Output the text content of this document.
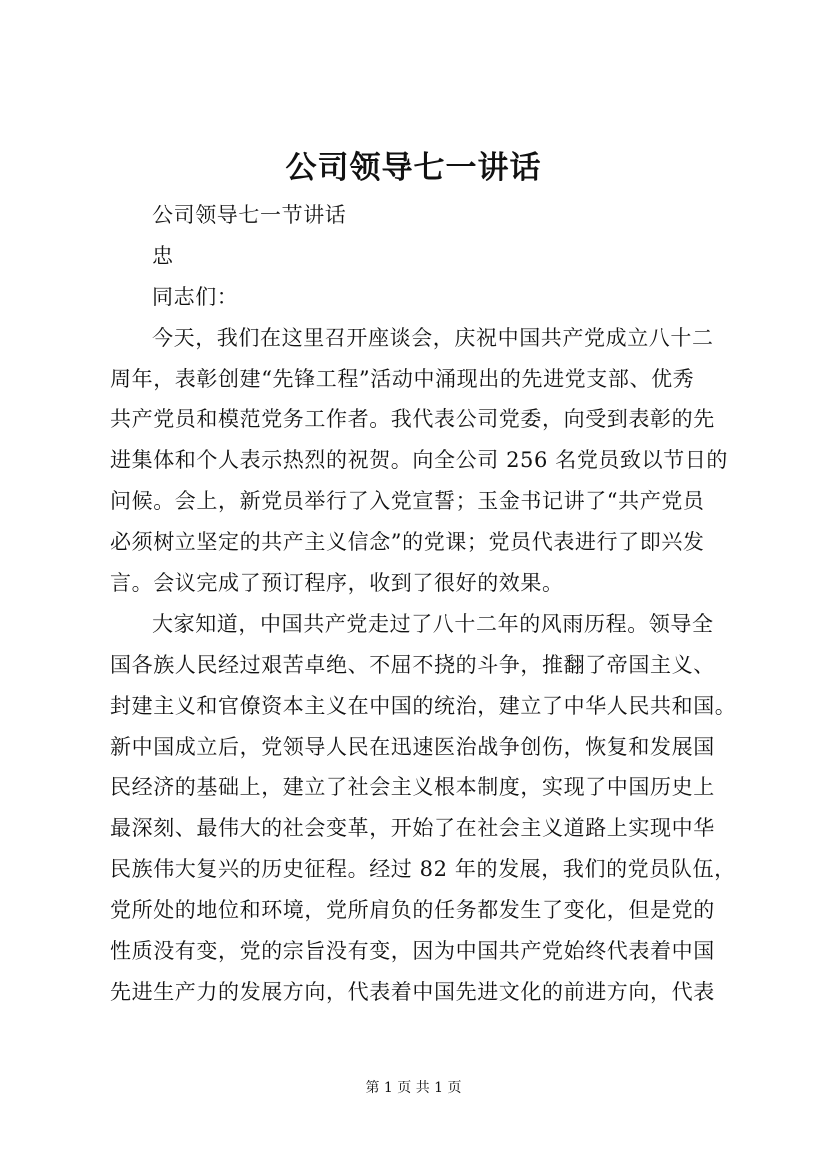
公司领导七一讲话
公司领导七一节讲话
忠
同志们：
今天，我们在这里召开座谈会，庆祝中国共产党成立八十二
周年，表彰创建“先锋工程”活动中涌现出的先进党支部、优秀
共产党员和模范党务工作者。我代表公司党委，向受到表彰的先
进集体和个人表示热烈的祝贺。向全公司 256 名党员致以节日的
问候。会上，新党员举行了入党宣誓；玉金书记讲了“共产党员
必须树立坚定的共产主义信念”的党课；党员代表进行了即兴发
言。会议完成了预订程序，收到了很好的效果。
大家知道，中国共产党走过了八十二年的风雨历程。领导全
国各族人民经过艰苦卓绝、不屈不挠的斗争，推翻了帝国主义、
封建主义和官僚资本主义在中国的统治，建立了中华人民共和国。
新中国成立后，党领导人民在迅速医治战争创伤，恢复和发展国
民经济的基础上，建立了社会主义根本制度，实现了中国历史上
最深刻、最伟大的社会变革，开始了在社会主义道路上实现中华
民族伟大复兴的历史征程。经过 82 年的发展，我们的党员队伍，
党所处的地位和环境，党所肩负的任务都发生了变化，但是党的
性质没有变，党的宗旨没有变，因为中国共产党始终代表着中国
先进生产力的发展方向，代表着中国先进文化的前进方向，代表
第 1 页 共 1 页
